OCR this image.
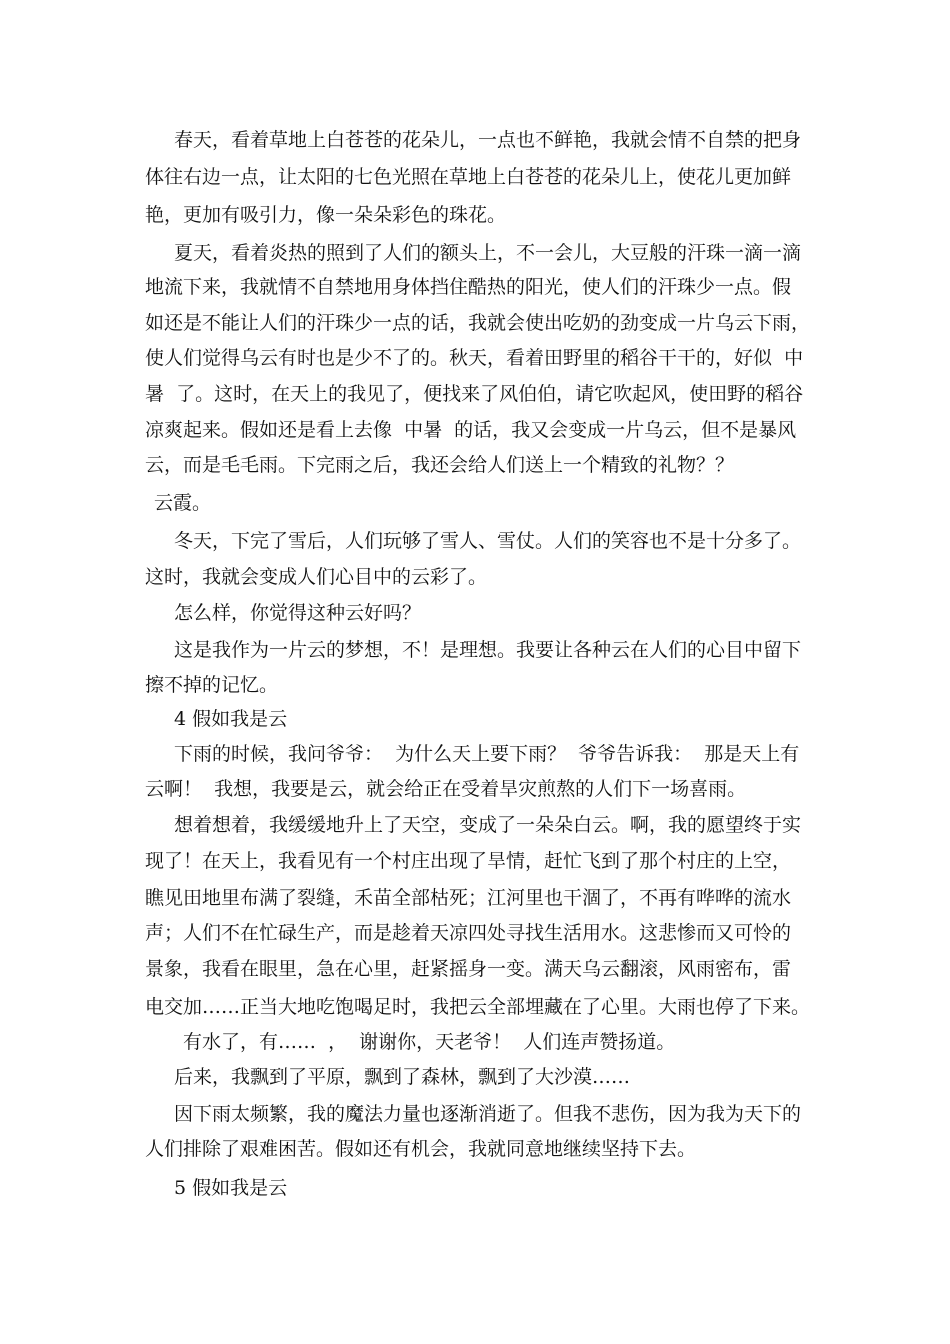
春天，看着草地上白苍苍的花朵儿，一点也不鲜艳，我就会情不自禁的把身
体往右边一点，让太阳的七色光照在草地上白苍苍的花朵儿上，使花儿更加鲜
艳，更加有吸引力，像一朵朵彩色的珠花。
夏天，看着炎热的照到了人们的额头上，不一会儿，大豆般的汗珠一滴一滴
地流下来，我就情不自禁地用身体挡住酷热的阳光，使人们的汗珠少一点。假
如还是不能让人们的汗珠少一点的话，我就会使出吃奶的劲变成一片乌云下雨，
使人们觉得乌云有时也是少不了的。秋天，看着田野里的稻谷干干的，好似  中
暑  了。这时，在天上的我见了，便找来了风伯伯，请它吹起风，使田野的稻谷
凉爽起来。假如还是看上去像  中暑  的话，我又会变成一片乌云，但不是暴风
云，而是毛毛雨。下完雨之后，我还会给人们送上一个精致的礼物？？
云霞。
冬天，下完了雪后，人们玩够了雪人、雪仗。人们的笑容也不是十分多了。
这时，我就会变成人们心目中的云彩了。
怎么样，你觉得这种云好吗？
这是我作为一片云的梦想，不！是理想。我要让各种云在人们的心目中留下
擦不掉的记忆。
4 假如我是云
下雨的时候，我问爷爷：  为什么天上要下雨？  爷爷告诉我：  那是天上有
云啊！  我想，我要是云，就会给正在受着旱灾煎熬的人们下一场喜雨。
想着想着，我缓缓地升上了天空，变成了一朵朵白云。啊，我的愿望终于实
现了！在天上，我看见有一个村庄出现了旱情，赶忙飞到了那个村庄的上空，
瞧见田地里布满了裂缝，禾苗全部枯死；江河里也干涸了，不再有哗哗的流水
声；人们不在忙碌生产，而是趁着天凉四处寻找生活用水。这悲惨而又可怜的
景象，我看在眼里，急在心里，赶紧摇身一变。满天乌云翻滚，风雨密布，雷
电交加……正当大地吃饱喝足时，我把云全部埋藏在了心里。大雨也停了下来。
有水了，有……  ，  谢谢你，天老爷！  人们连声赞扬道。
后来，我飘到了平原，飘到了森林，飘到了大沙漠……
因下雨太频繁，我的魔法力量也逐渐消逝了。但我不悲伤，因为我为天下的
人们排除了艰难困苦。假如还有机会，我就同意地继续坚持下去。
5 假如我是云
